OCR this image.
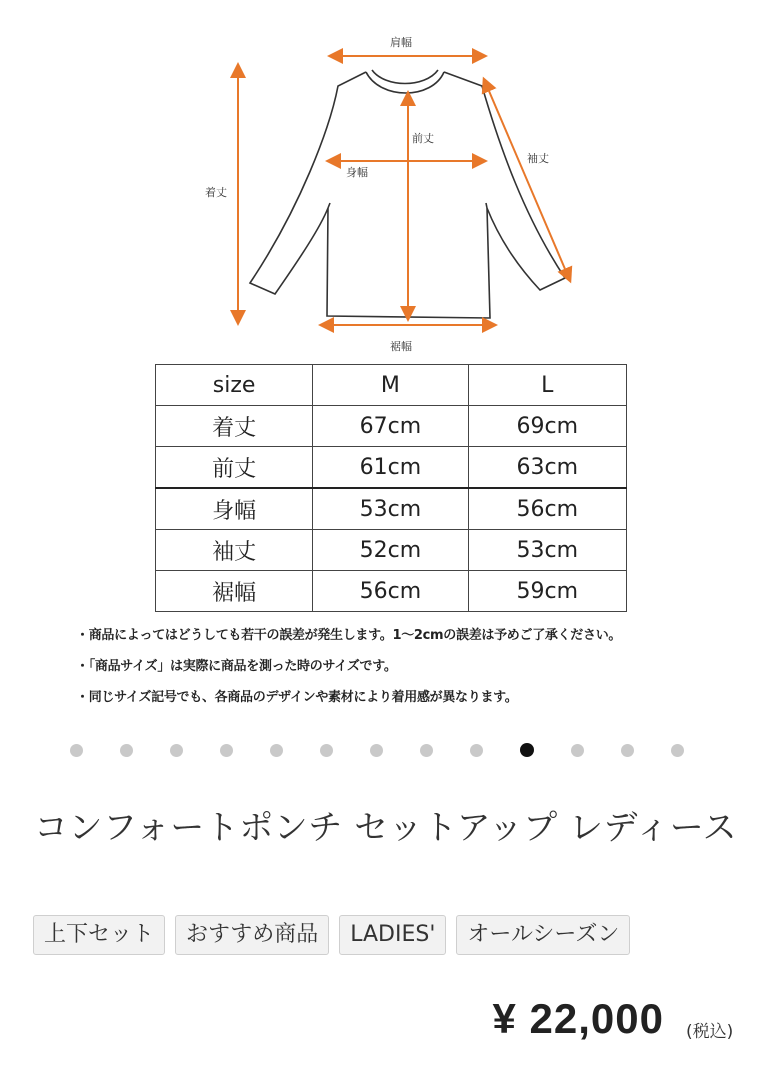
肩幅
前丈
身幅
袖丈
着丈
裾幅
size	M	L
着丈	67cm	69cm
前丈	61cm	63cm
身幅	53cm	56cm
袖丈	52cm	53cm
裾幅	56cm	59cm

・商品によってはどうしても若干の誤差が発生します。1〜2cmの誤差は予めご了承ください。

・「商品サイズ」は実際に商品を測った時のサイズです。

・同じサイズ記号でも、各商品のデザインや素材により着用感が異なります。

コンフォートポンチ セットアップ レディース
上下セット	おすすめ商品	LADIES'	オールシーズン
¥ 22,000 (税込)
